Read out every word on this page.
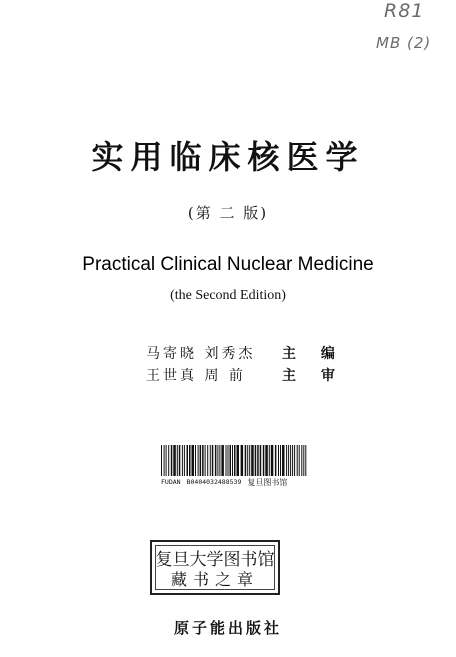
R81
MB (2)
实用临床核医学
(第 二 版)
Practical Clinical Nuclear Medicine
(the Second Edition)
马寄晓 刘秀杰	主 编
王世真 周 前	主 审
FUDAN B0404032488539 复旦图书馆
复旦大学图书馆
藏书之章
原子能出版社
